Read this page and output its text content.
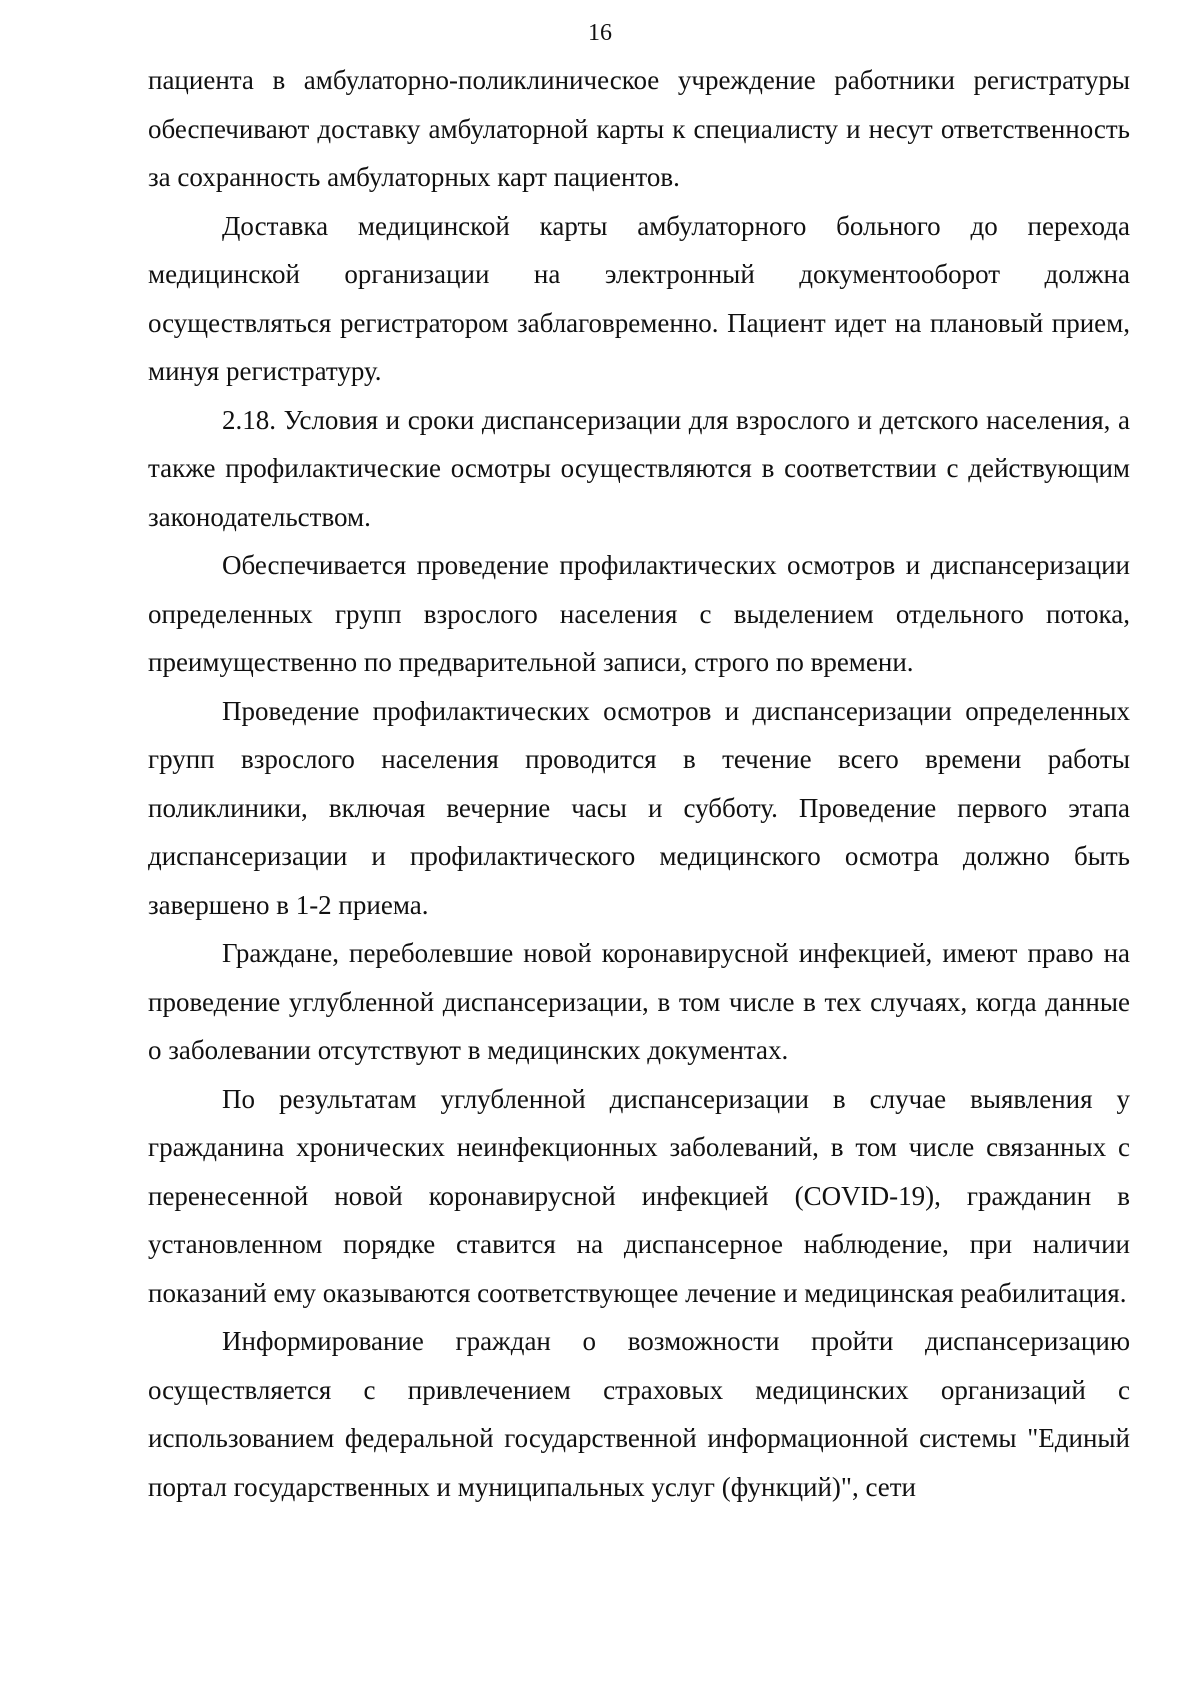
16

пациента в амбулаторно-поликлиническое учреждение работники регистратуры обеспечивают доставку амбулаторной карты к специалисту и несут ответственность за сохранность амбулаторных карт пациентов.

Доставка медицинской карты амбулаторного больного до перехода медицинской организации на электронный документооборот должна осуществляться регистратором заблаговременно. Пациент идет на плановый прием, минуя регистратуру.

2.18. Условия и сроки диспансеризации для взрослого и детского населения, а также профилактические осмотры осуществляются в соответствии с действующим законодательством.

Обеспечивается проведение профилактических осмотров и диспансеризации определенных групп взрослого населения с выделением отдельного потока, преимущественно по предварительной записи, строго по времени.

Проведение профилактических осмотров и диспансеризации определенных групп взрослого населения проводится в течение всего времени работы поликлиники, включая вечерние часы и субботу. Проведение первого этапа диспансеризации и профилактического медицинского осмотра должно быть завершено в 1-2 приема.

Граждане, переболевшие новой коронавирусной инфекцией, имеют право на проведение углубленной диспансеризации, в том числе в тех случаях, когда данные о заболевании отсутствуют в медицинских документах.

По результатам углубленной диспансеризации в случае выявления у гражданина хронических неинфекционных заболеваний, в том числе связанных с перенесенной новой коронавирусной инфекцией (COVID-19), гражданин в установленном порядке ставится на диспансерное наблюдение, при наличии показаний ему оказываются соответствующее лечение и медицинская реабилитация.

Информирование граждан о возможности пройти диспансеризацию осуществляется с привлечением страховых медицинских организаций с использованием федеральной государственной информационной системы "Единый портал государственных и муниципальных услуг (функций)", сети
